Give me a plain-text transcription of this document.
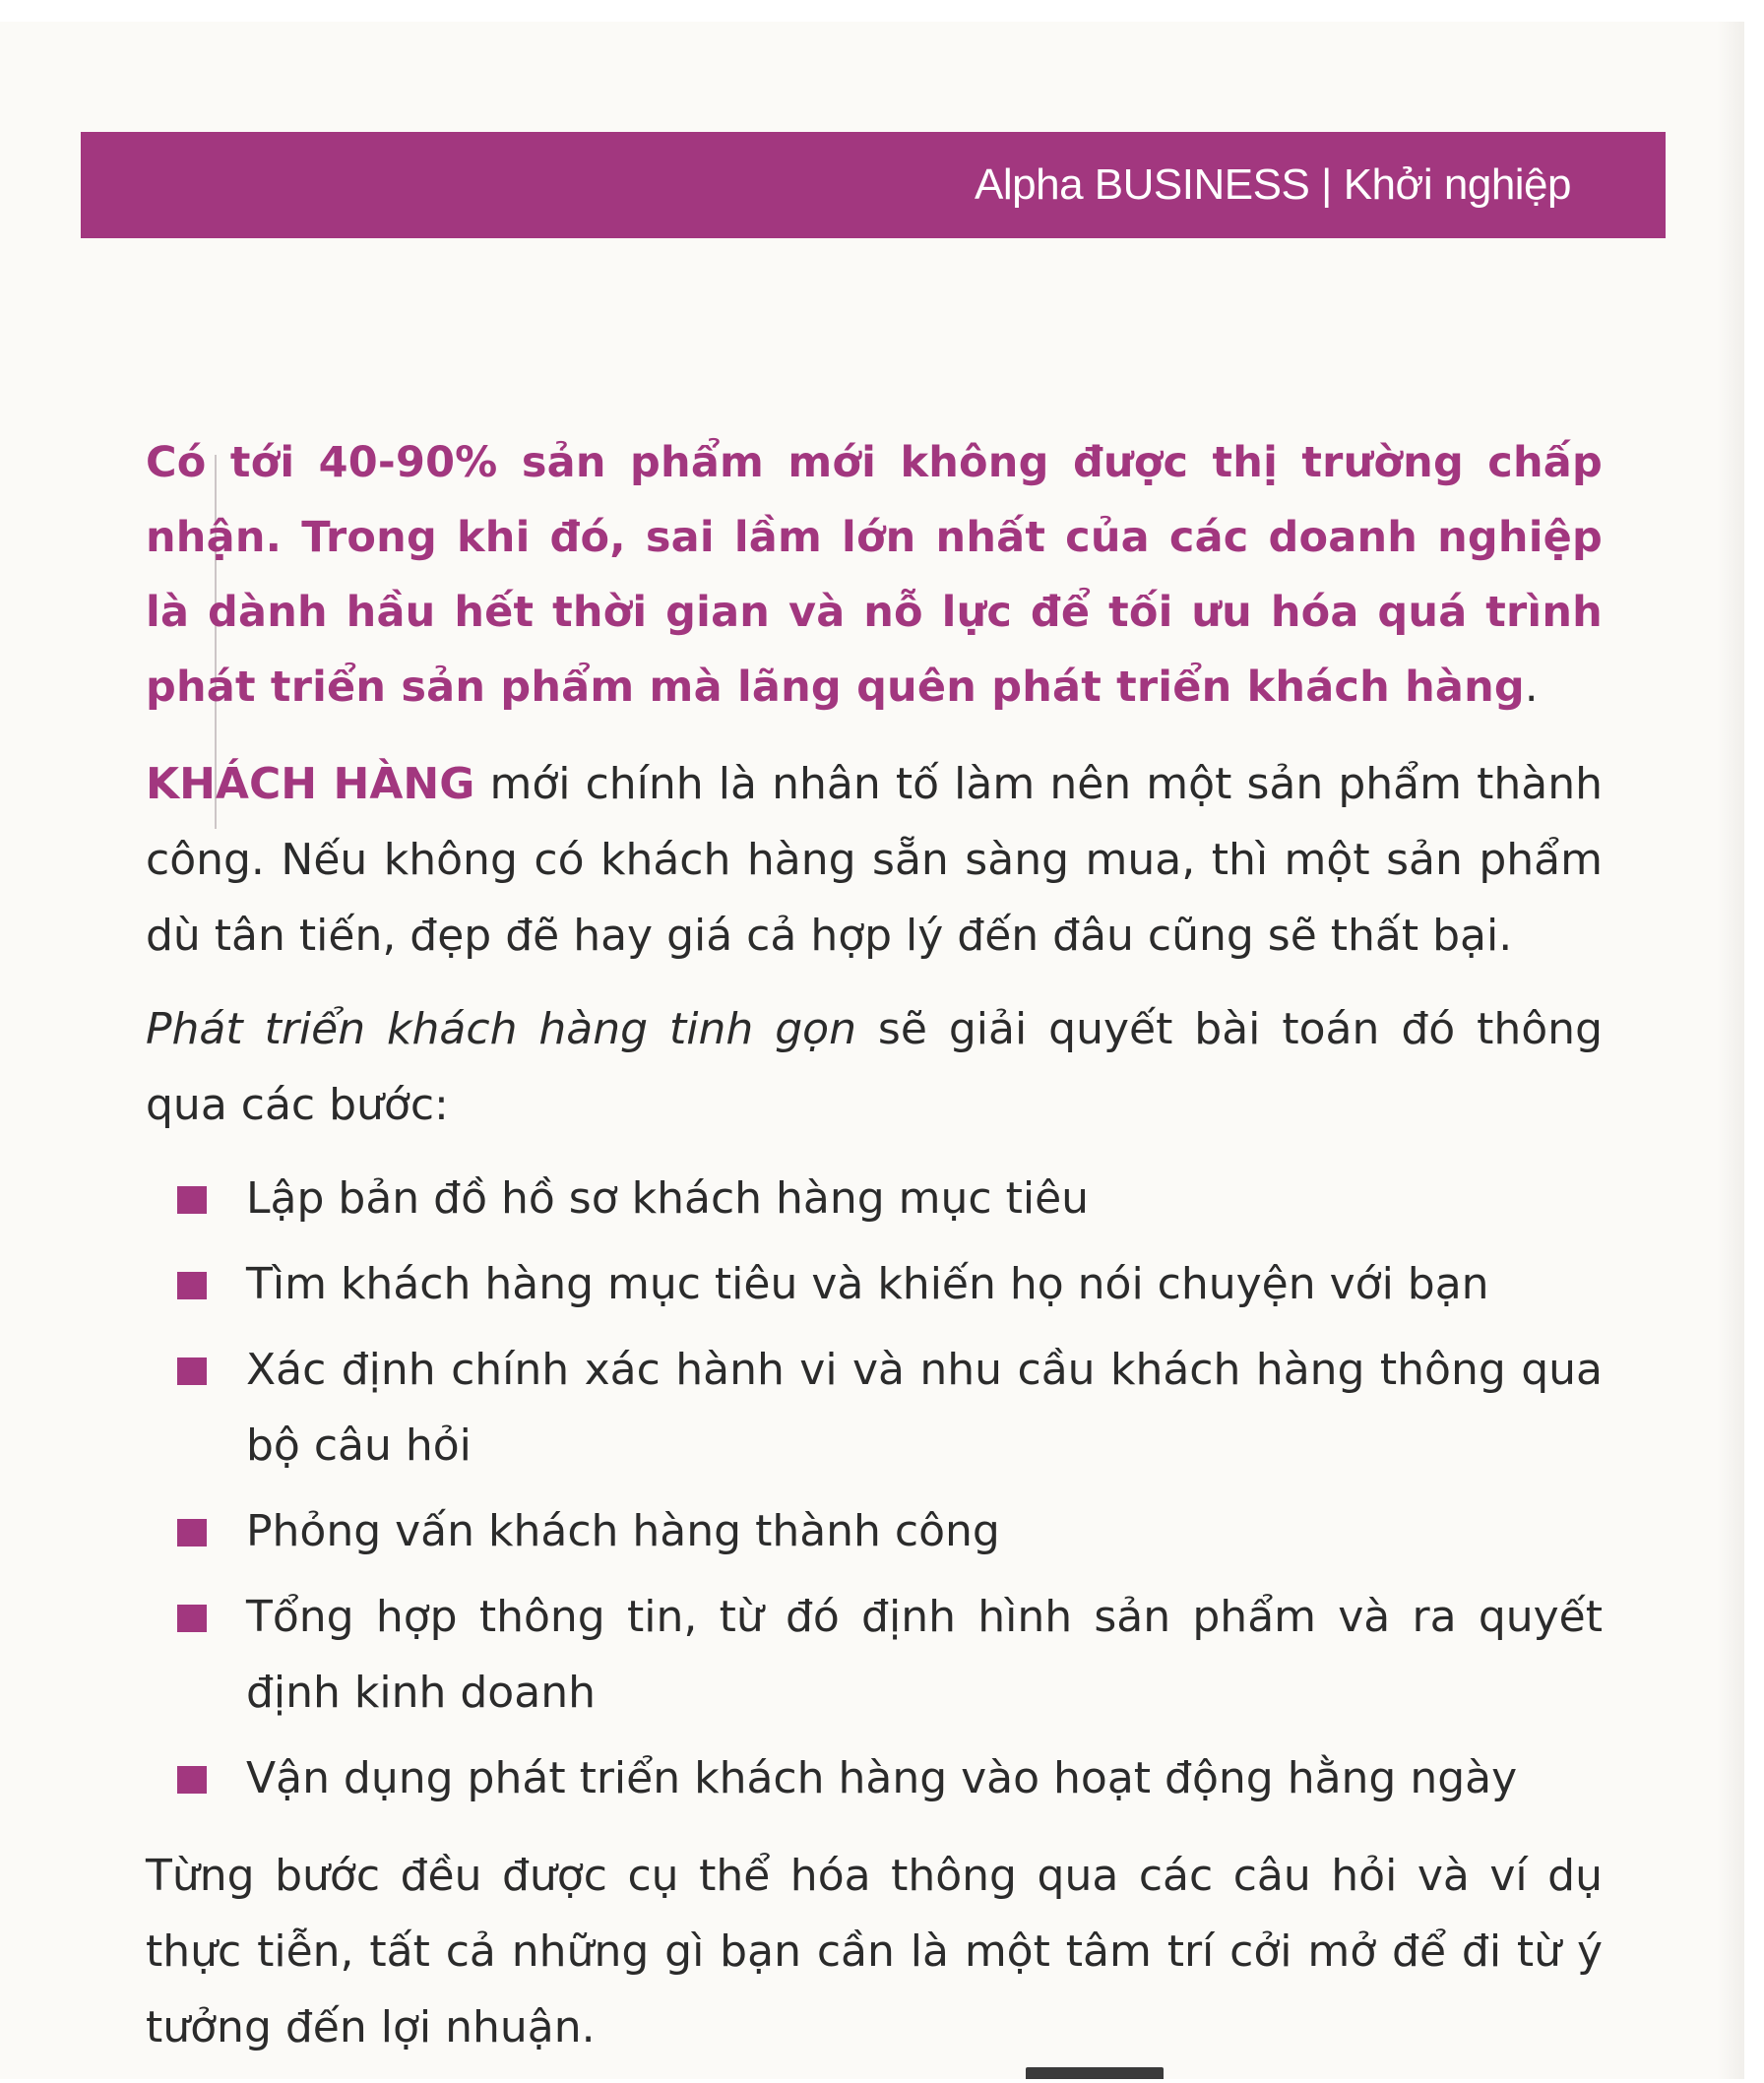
Alpha BUSINESS | Khởi nghiệp

Có tới 40-90% sản phẩm mới không được thị trường chấp nhận. Trong khi đó, sai lầm lớn nhất của các doanh nghiệp là dành hầu hết thời gian và nỗ lực để tối ưu hóa quá trình phát triển sản phẩm mà lãng quên phát triển khách hàng.

KHÁCH HÀNG mới chính là nhân tố làm nên một sản phẩm thành công. Nếu không có khách hàng sẵn sàng mua, thì một sản phẩm dù tân tiến, đẹp đẽ hay giá cả hợp lý đến đâu cũng sẽ thất bại.

Phát triển khách hàng tinh gọn sẽ giải quyết bài toán đó thông qua các bước:

Lập bản đồ hồ sơ khách hàng mục tiêu
Tìm khách hàng mục tiêu và khiến họ nói chuyện với bạn
Xác định chính xác hành vi và nhu cầu khách hàng thông qua bộ câu hỏi
Phỏng vấn khách hàng thành công
Tổng hợp thông tin, từ đó định hình sản phẩm và ra quyết định kinh doanh
Vận dụng phát triển khách hàng vào hoạt động hằng ngày

Từng bước đều được cụ thể hóa thông qua các câu hỏi và ví dụ thực tiễn, tất cả những gì bạn cần là một tâm trí cởi mở để đi từ ý tưởng đến lợi nhuận.
